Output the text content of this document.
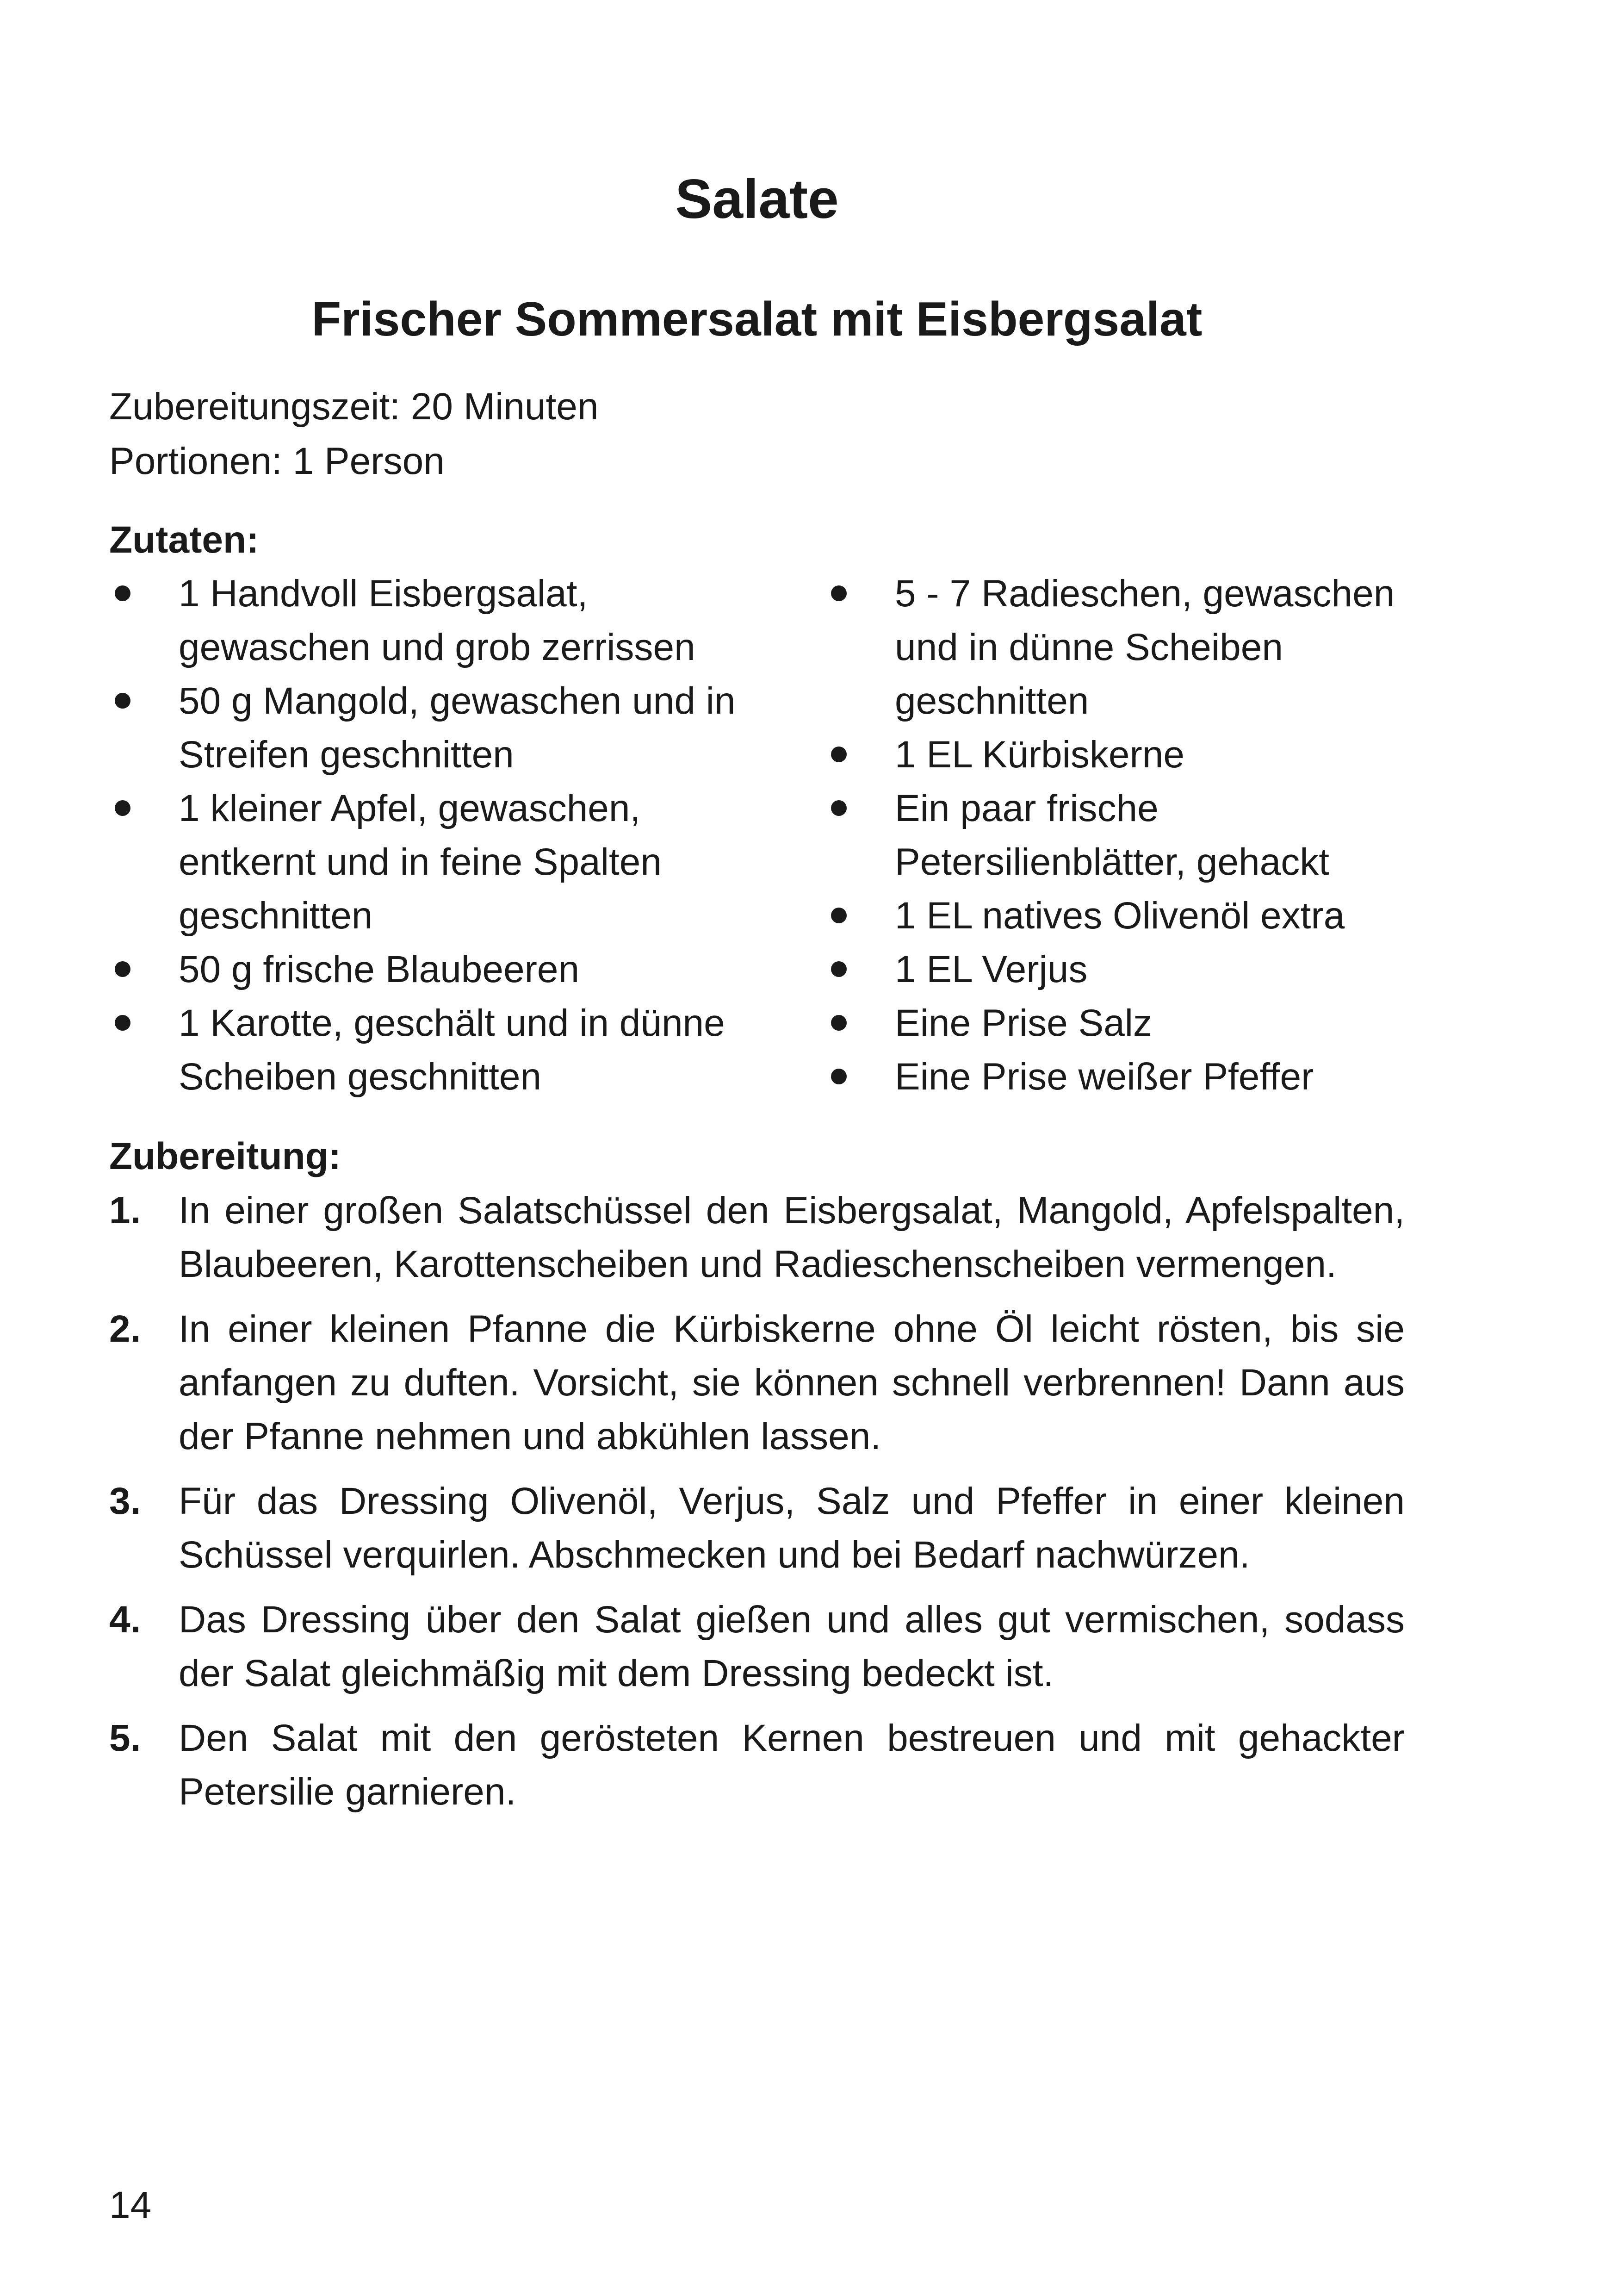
Salate
Frischer Sommersalat mit Eisbergsalat
Zubereitungszeit: 20 Minuten
Portionen: 1 Person
Zutaten:
1 Handvoll Eisbergsalat, gewaschen und grob zerrissen
50 g Mangold, gewaschen und in Streifen geschnitten
1 kleiner Apfel, gewaschen, entkernt und in feine Spalten geschnitten
50 g frische Blaubeeren
1 Karotte, geschält und in dünne Scheiben geschnitten
5 - 7 Radieschen, gewaschen und in dünne Scheiben geschnitten
1 EL Kürbiskerne
Ein paar frische Petersilienblätter, gehackt
1 EL natives Olivenöl extra
1 EL Verjus
Eine Prise Salz
Eine Prise weißer Pfeffer
Zubereitung:
1. In einer großen Salatschüssel den Eisbergsalat, Mangold, Apfelspalten, Blaubeeren, Karottenscheiben und Radieschenscheiben vermengen.
2. In einer kleinen Pfanne die Kürbiskerne ohne Öl leicht rösten, bis sie anfangen zu duften. Vorsicht, sie können schnell verbrennen! Dann aus der Pfanne nehmen und abkühlen lassen.
3. Für das Dressing Olivenöl, Verjus, Salz und Pfeffer in einer kleinen Schüssel verquirlen. Abschmecken und bei Bedarf nachwürzen.
4. Das Dressing über den Salat gießen und alles gut vermischen, sodass der Salat gleichmäßig mit dem Dressing bedeckt ist.
5. Den Salat mit den gerösteten Kernen bestreuen und mit gehackter Petersilie garnieren.
14
